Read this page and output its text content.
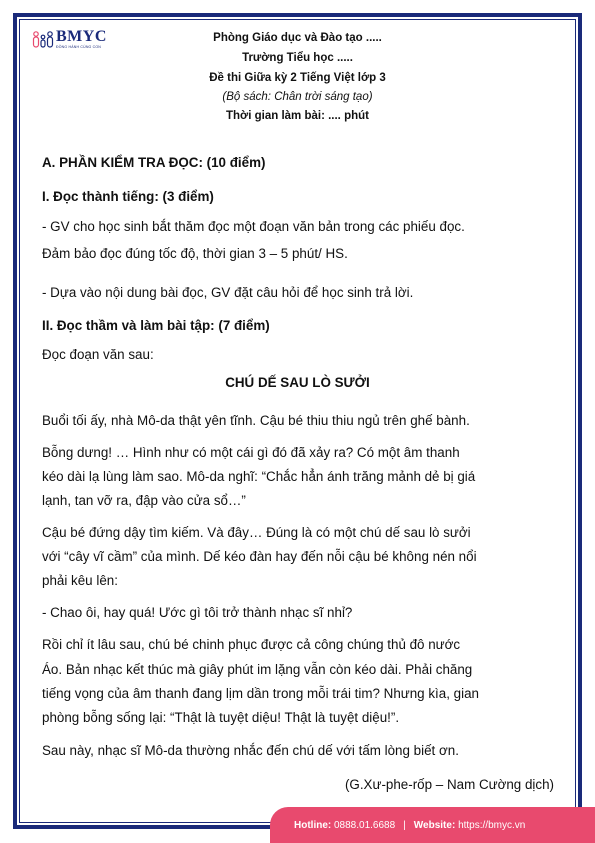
BMYC
ĐỒNG HÀNH CÙNG CON
Phòng Giáo dục và Đào tạo .....
Trường Tiểu học .....
Đề thi Giữa kỳ 2 Tiếng Việt lớp 3
(Bộ sách: Chân trời sáng tạo)
Thời gian làm bài: .... phút
A. PHẦN KIỂM TRA ĐỌC: (10 điểm)
I. Đọc thành tiếng: (3 điểm)
- GV cho học sinh bắt thăm đọc một đoạn văn bản trong các phiếu đọc.
Đảm bảo đọc đúng tốc độ, thời gian 3 – 5 phút/ HS.
- Dựa vào nội dung bài đọc, GV đặt câu hỏi để học sinh trả lời.
II. Đọc thầm và làm bài tập: (7 điểm)
Đọc đoạn văn sau:
CHÚ DẾ SAU LÒ SƯỞI
Buổi tối ấy, nhà Mô-da thật yên tĩnh. Cậu bé thiu thiu ngủ trên ghế bành.
Bỗng dưng! … Hình như có một cái gì đó đã xảy ra? Có một âm thanh
kéo dài lạ lùng làm sao. Mô-da nghĩ: “Chắc hẳn ánh trăng mảnh dẻ bị giá
lạnh, tan vỡ ra, đập vào cửa sổ…”
Cậu bé đứng dậy tìm kiếm. Và đây… Đúng là có một chú dế sau lò sưởi
với “cây vĩ cầm” của mình. Dế kéo đàn hay đến nỗi cậu bé không nén nổi
phải kêu lên:
- Chao ôi, hay quá! Ước gì tôi trở thành nhạc sĩ nhỉ?
Rồi chỉ ít lâu sau, chú bé chinh phục được cả công chúng thủ đô nước
Áo. Bản nhạc kết thúc mà giây phút im lặng vẫn còn kéo dài. Phải chăng
tiếng vọng của âm thanh đang lịm dần trong mỗi trái tim? Nhưng kìa, gian
phòng bỗng sống lại: “Thật là tuyệt diệu! Thật là tuyệt diệu!”.
Sau này, nhạc sĩ Mô-da thường nhắc đến chú dế với tấm lòng biết ơn.
(G.Xư-phe-rốp – Nam Cường dịch)
Hotline:
0888.01.6688 | Website:
https://bmyc.vn
